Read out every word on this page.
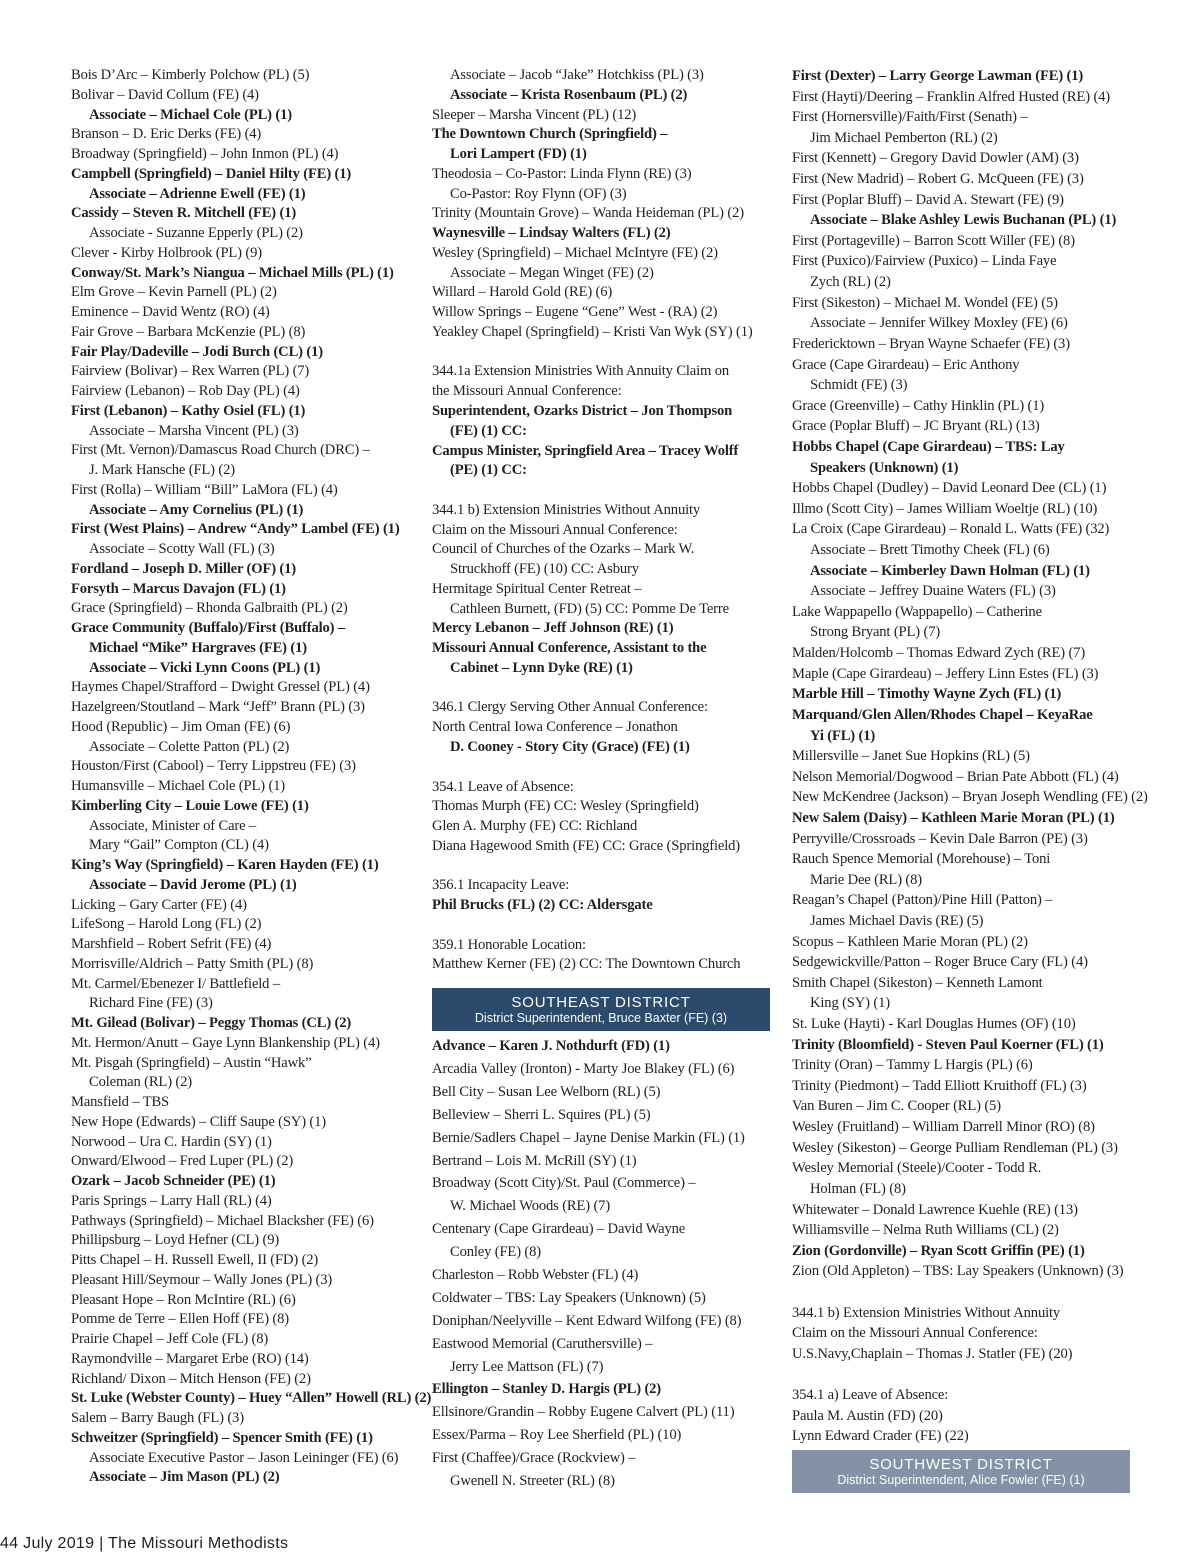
Bois D’Arc – Kimberly Polchow (PL) (5)
Bolivar – David Collum (FE) (4)
Associate – Michael Cole (PL) (1)
Branson – D. Eric Derks (FE) (4)
Broadway (Springfield) – John Inmon (PL) (4)
Campbell (Springfield) – Daniel Hilty (FE) (1)
Associate – Adrienne Ewell (FE) (1)
Cassidy – Steven R. Mitchell (FE) (1)
Associate - Suzanne Epperly (PL) (2)
Clever - Kirby Holbrook (PL) (9)
Conway/St. Mark’s Niangua – Michael Mills (PL) (1)
Elm Grove – Kevin Parnell (PL) (2)
Eminence – David Wentz (RO) (4)
Fair Grove – Barbara McKenzie (PL) (8)
Fair Play/Dadeville – Jodi Burch (CL) (1)
Fairview (Bolivar) – Rex Warren (PL) (7)
Fairview (Lebanon) – Rob Day (PL) (4)
First (Lebanon) – Kathy Osiel (FL) (1)
Associate – Marsha Vincent (PL) (3)
First (Mt. Vernon)/Damascus Road Church (DRC) –
J. Mark Hansche (FL) (2)
First (Rolla) – William “Bill” LaMora (FL) (4)
Associate – Amy Cornelius (PL) (1)
First (West Plains) – Andrew “Andy” Lambel (FE) (1)
Associate – Scotty Wall (FL) (3)
Fordland – Joseph D. Miller (OF) (1)
Forsyth – Marcus Davajon (FL) (1)
Grace (Springfield) – Rhonda Galbraith (PL) (2)
Grace Community (Buffalo)/First (Buffalo) –
Michael “Mike” Hargraves (FE) (1)
Associate – Vicki Lynn Coons (PL) (1)
Haymes Chapel/Strafford – Dwight Gressel (PL) (4)
Hazelgreen/Stoutland – Mark “Jeff” Brann (PL) (3)
Hood (Republic) – Jim Oman (FE) (6)
Associate – Colette Patton (PL) (2)
Houston/First (Cabool) – Terry Lippstreu (FE) (3)
Humansville – Michael Cole (PL) (1)
Kimberling City – Louie Lowe (FE) (1)
Associate, Minister of Care –
Mary “Gail” Compton (CL) (4)
King’s Way (Springfield) – Karen Hayden (FE) (1)
Associate – David Jerome (PL) (1)
Licking – Gary Carter (FE) (4)
LifeSong – Harold Long (FL) (2)
Marshfield – Robert Sefrit (FE) (4)
Morrisville/Aldrich – Patty Smith (PL) (8)
Mt. Carmel/Ebenezer I/ Battlefield –
Richard Fine (FE) (3)
Mt. Gilead (Bolivar) – Peggy Thomas (CL) (2)
Mt. Hermon/Anutt – Gaye Lynn Blankenship (PL) (4)
Mt. Pisgah (Springfield) – Austin “Hawk”
Coleman (RL) (2)
Mansfield – TBS
New Hope (Edwards) – Cliff Saupe (SY) (1)
Norwood – Ura C. Hardin (SY) (1)
Onward/Elwood – Fred Luper (PL) (2)
Ozark – Jacob Schneider (PE) (1)
Paris Springs – Larry Hall (RL) (4)
Pathways (Springfield) – Michael Blacksher (FE) (6)
Phillipsburg – Loyd Hefner (CL) (9)
Pitts Chapel – H. Russell Ewell, II (FD) (2)
Pleasant Hill/Seymour – Wally Jones (PL) (3)
Pleasant Hope – Ron McIntire (RL) (6)
Pomme de Terre – Ellen Hoff (FE) (8)
Prairie Chapel – Jeff Cole (FL) (8)
Raymondville – Margaret Erbe (RO) (14)
Richland/ Dixon – Mitch Henson (FE) (2)
St. Luke (Webster County) – Huey “Allen” Howell (RL) (2)
Salem – Barry Baugh (FL) (3)
Schweitzer (Springfield) – Spencer Smith (FE) (1)
Associate Executive Pastor – Jason Leininger (FE) (6)
Associate – Jim Mason (PL) (2)
Associate – Jacob “Jake” Hotchkiss (PL) (3)
Associate – Krista Rosenbaum (PL) (2)
Sleeper – Marsha Vincent (PL) (12)
The Downtown Church (Springfield) –
Lori Lampert (FD) (1)
Theodosia – Co-Pastor: Linda Flynn (RE) (3)
Co-Pastor: Roy Flynn (OF) (3)
Trinity (Mountain Grove) – Wanda Heideman (PL) (2)
Waynesville – Lindsay Walters (FL) (2)
Wesley (Springfield) – Michael McIntyre (FE) (2)
Associate – Megan Winget (FE) (2)
Willard – Harold Gold (RE) (6)
Willow Springs – Eugene “Gene” West - (RA) (2)
Yeakley Chapel (Springfield) – Kristi Van Wyk (SY) (1)
344.1a Extension Ministries With Annuity Claim on
the Missouri Annual Conference:
Superintendent, Ozarks District – Jon Thompson
(FE) (1) CC:
Campus Minister, Springfield Area – Tracey Wolff
(PE) (1) CC:
344.1 b) Extension Ministries Without Annuity
Claim on the Missouri Annual Conference:
Council of Churches of the Ozarks – Mark W.
Struckhoff (FE) (10) CC: Asbury
Hermitage Spiritual Center Retreat –
Cathleen Burnett, (FD) (5) CC: Pomme De Terre
Mercy Lebanon – Jeff Johnson (RE) (1)
Missouri Annual Conference, Assistant to the
Cabinet – Lynn Dyke (RE) (1)
346.1 Clergy Serving Other Annual Conference:
North Central Iowa Conference – Jonathon
D. Cooney - Story City (Grace) (FE) (1)
354.1 Leave of Absence:
Thomas Murph (FE) CC: Wesley (Springfield)
Glen A. Murphy (FE) CC: Richland
Diana Hagewood Smith (FE) CC: Grace (Springfield)
356.1 Incapacity Leave:
Phil Brucks (FL) (2) CC: Aldersgate
359.1 Honorable Location:
Matthew Kerner (FE) (2) CC: The Downtown Church
SOUTHEAST DISTRICT
District Superintendent, Bruce Baxter (FE) (3)
Advance – Karen J. Nothdurft (FD) (1)
Arcadia Valley (Ironton) - Marty Joe Blakey (FL) (6)
Bell City – Susan Lee Welborn (RL) (5)
Belleview – Sherri L. Squires (PL) (5)
Bernie/Sadlers Chapel – Jayne Denise Markin (FL) (1)
Bertrand – Lois M. McRill (SY) (1)
Broadway (Scott City)/St. Paul (Commerce) –
W. Michael Woods (RE) (7)
Centenary (Cape Girardeau) – David Wayne
Conley (FE) (8)
Charleston – Robb Webster (FL) (4)
Coldwater – TBS: Lay Speakers (Unknown) (5)
Doniphan/Neelyville – Kent Edward Wilfong (FE) (8)
Eastwood Memorial (Caruthersville) –
Jerry Lee Mattson (FL) (7)
Ellington – Stanley D. Hargis (PL) (2)
Ellsinore/Grandin – Robby Eugene Calvert (PL) (11)
Essex/Parma – Roy Lee Sherfield (PL) (10)
First (Chaffee)/Grace (Rockview) –
Gwenell N. Streeter (RL) (8)
First (Dexter) – Larry George Lawman (FE) (1)
First (Hayti)/Deering – Franklin Alfred Husted (RE) (4)
First (Hornersville)/Faith/First (Senath) –
Jim Michael Pemberton (RL) (2)
First (Kennett) – Gregory David Dowler (AM) (3)
First (New Madrid) – Robert G. McQueen (FE) (3)
First (Poplar Bluff) – David A. Stewart (FE) (9)
Associate – Blake Ashley Lewis Buchanan (PL) (1)
First (Portageville) – Barron Scott Willer (FE) (8)
First (Puxico)/Fairview (Puxico) – Linda Faye
Zych (RL) (2)
First (Sikeston) – Michael M. Wondel (FE) (5)
Associate – Jennifer Wilkey Moxley (FE) (6)
Fredericktown – Bryan Wayne Schaefer (FE) (3)
Grace (Cape Girardeau) – Eric Anthony
Schmidt (FE) (3)
Grace (Greenville) – Cathy Hinklin (PL) (1)
Grace (Poplar Bluff) – JC Bryant (RL) (13)
Hobbs Chapel (Cape Girardeau) – TBS: Lay
Speakers (Unknown) (1)
Hobbs Chapel (Dudley) – David Leonard Dee (CL) (1)
Illmo (Scott City) – James William Woeltje (RL) (10)
La Croix (Cape Girardeau) – Ronald L. Watts (FE) (32)
Associate – Brett Timothy Cheek (FL) (6)
Associate – Kimberley Dawn Holman (FL) (1)
Associate – Jeffrey Duaine Waters (FL) (3)
Lake Wappapello (Wappapello) – Catherine
Strong Bryant (PL) (7)
Malden/Holcomb – Thomas Edward Zych (RE) (7)
Maple (Cape Girardeau) – Jeffery Linn Estes (FL) (3)
Marble Hill – Timothy Wayne Zych (FL) (1)
Marquand/Glen Allen/Rhodes Chapel – KeyaRae
Yi (FL) (1)
Millersville – Janet Sue Hopkins (RL) (5)
Nelson Memorial/Dogwood – Brian Pate Abbott (FL) (4)
New McKendree (Jackson) – Bryan Joseph Wendling (FE) (2)
New Salem (Daisy) – Kathleen Marie Moran (PL) (1)
Perryville/Crossroads – Kevin Dale Barron (PE) (3)
Rauch Spence Memorial (Morehouse) – Toni
Marie Dee (RL) (8)
Reagan’s Chapel (Patton)/Pine Hill (Patton) –
James Michael Davis (RE) (5)
Scopus – Kathleen Marie Moran (PL) (2)
Sedgewickville/Patton – Roger Bruce Cary (FL) (4)
Smith Chapel (Sikeston) – Kenneth Lamont
King (SY) (1)
St. Luke (Hayti) - Karl Douglas Humes (OF) (10)
Trinity (Bloomfield) - Steven Paul Koerner (FL) (1)
Trinity (Oran) – Tammy L Hargis (PL) (6)
Trinity (Piedmont) – Tadd Elliott Kruithoff (FL) (3)
Van Buren – Jim C. Cooper (RL) (5)
Wesley (Fruitland) – William Darrell Minor (RO) (8)
Wesley (Sikeston) – George Pulliam Rendleman (PL) (3)
Wesley Memorial (Steele)/Cooter - Todd R.
Holman (FL) (8)
Whitewater – Donald Lawrence Kuehle (RE) (13)
Williamsville – Nelma Ruth Williams (CL) (2)
Zion (Gordonville) – Ryan Scott Griffin (PE) (1)
Zion (Old Appleton) – TBS: Lay Speakers (Unknown) (3)
344.1 b) Extension Ministries Without Annuity
Claim on the Missouri Annual Conference:
U.S.Navy,Chaplain – Thomas J. Statler (FE) (20)
354.1 a) Leave of Absence:
Paula M. Austin (FD) (20)
Lynn Edward Crader (FE) (22)
SOUTHWEST DISTRICT
District Superintendent, Alice Fowler (FE) (1)
44 July 2019 | The Missouri Methodists
